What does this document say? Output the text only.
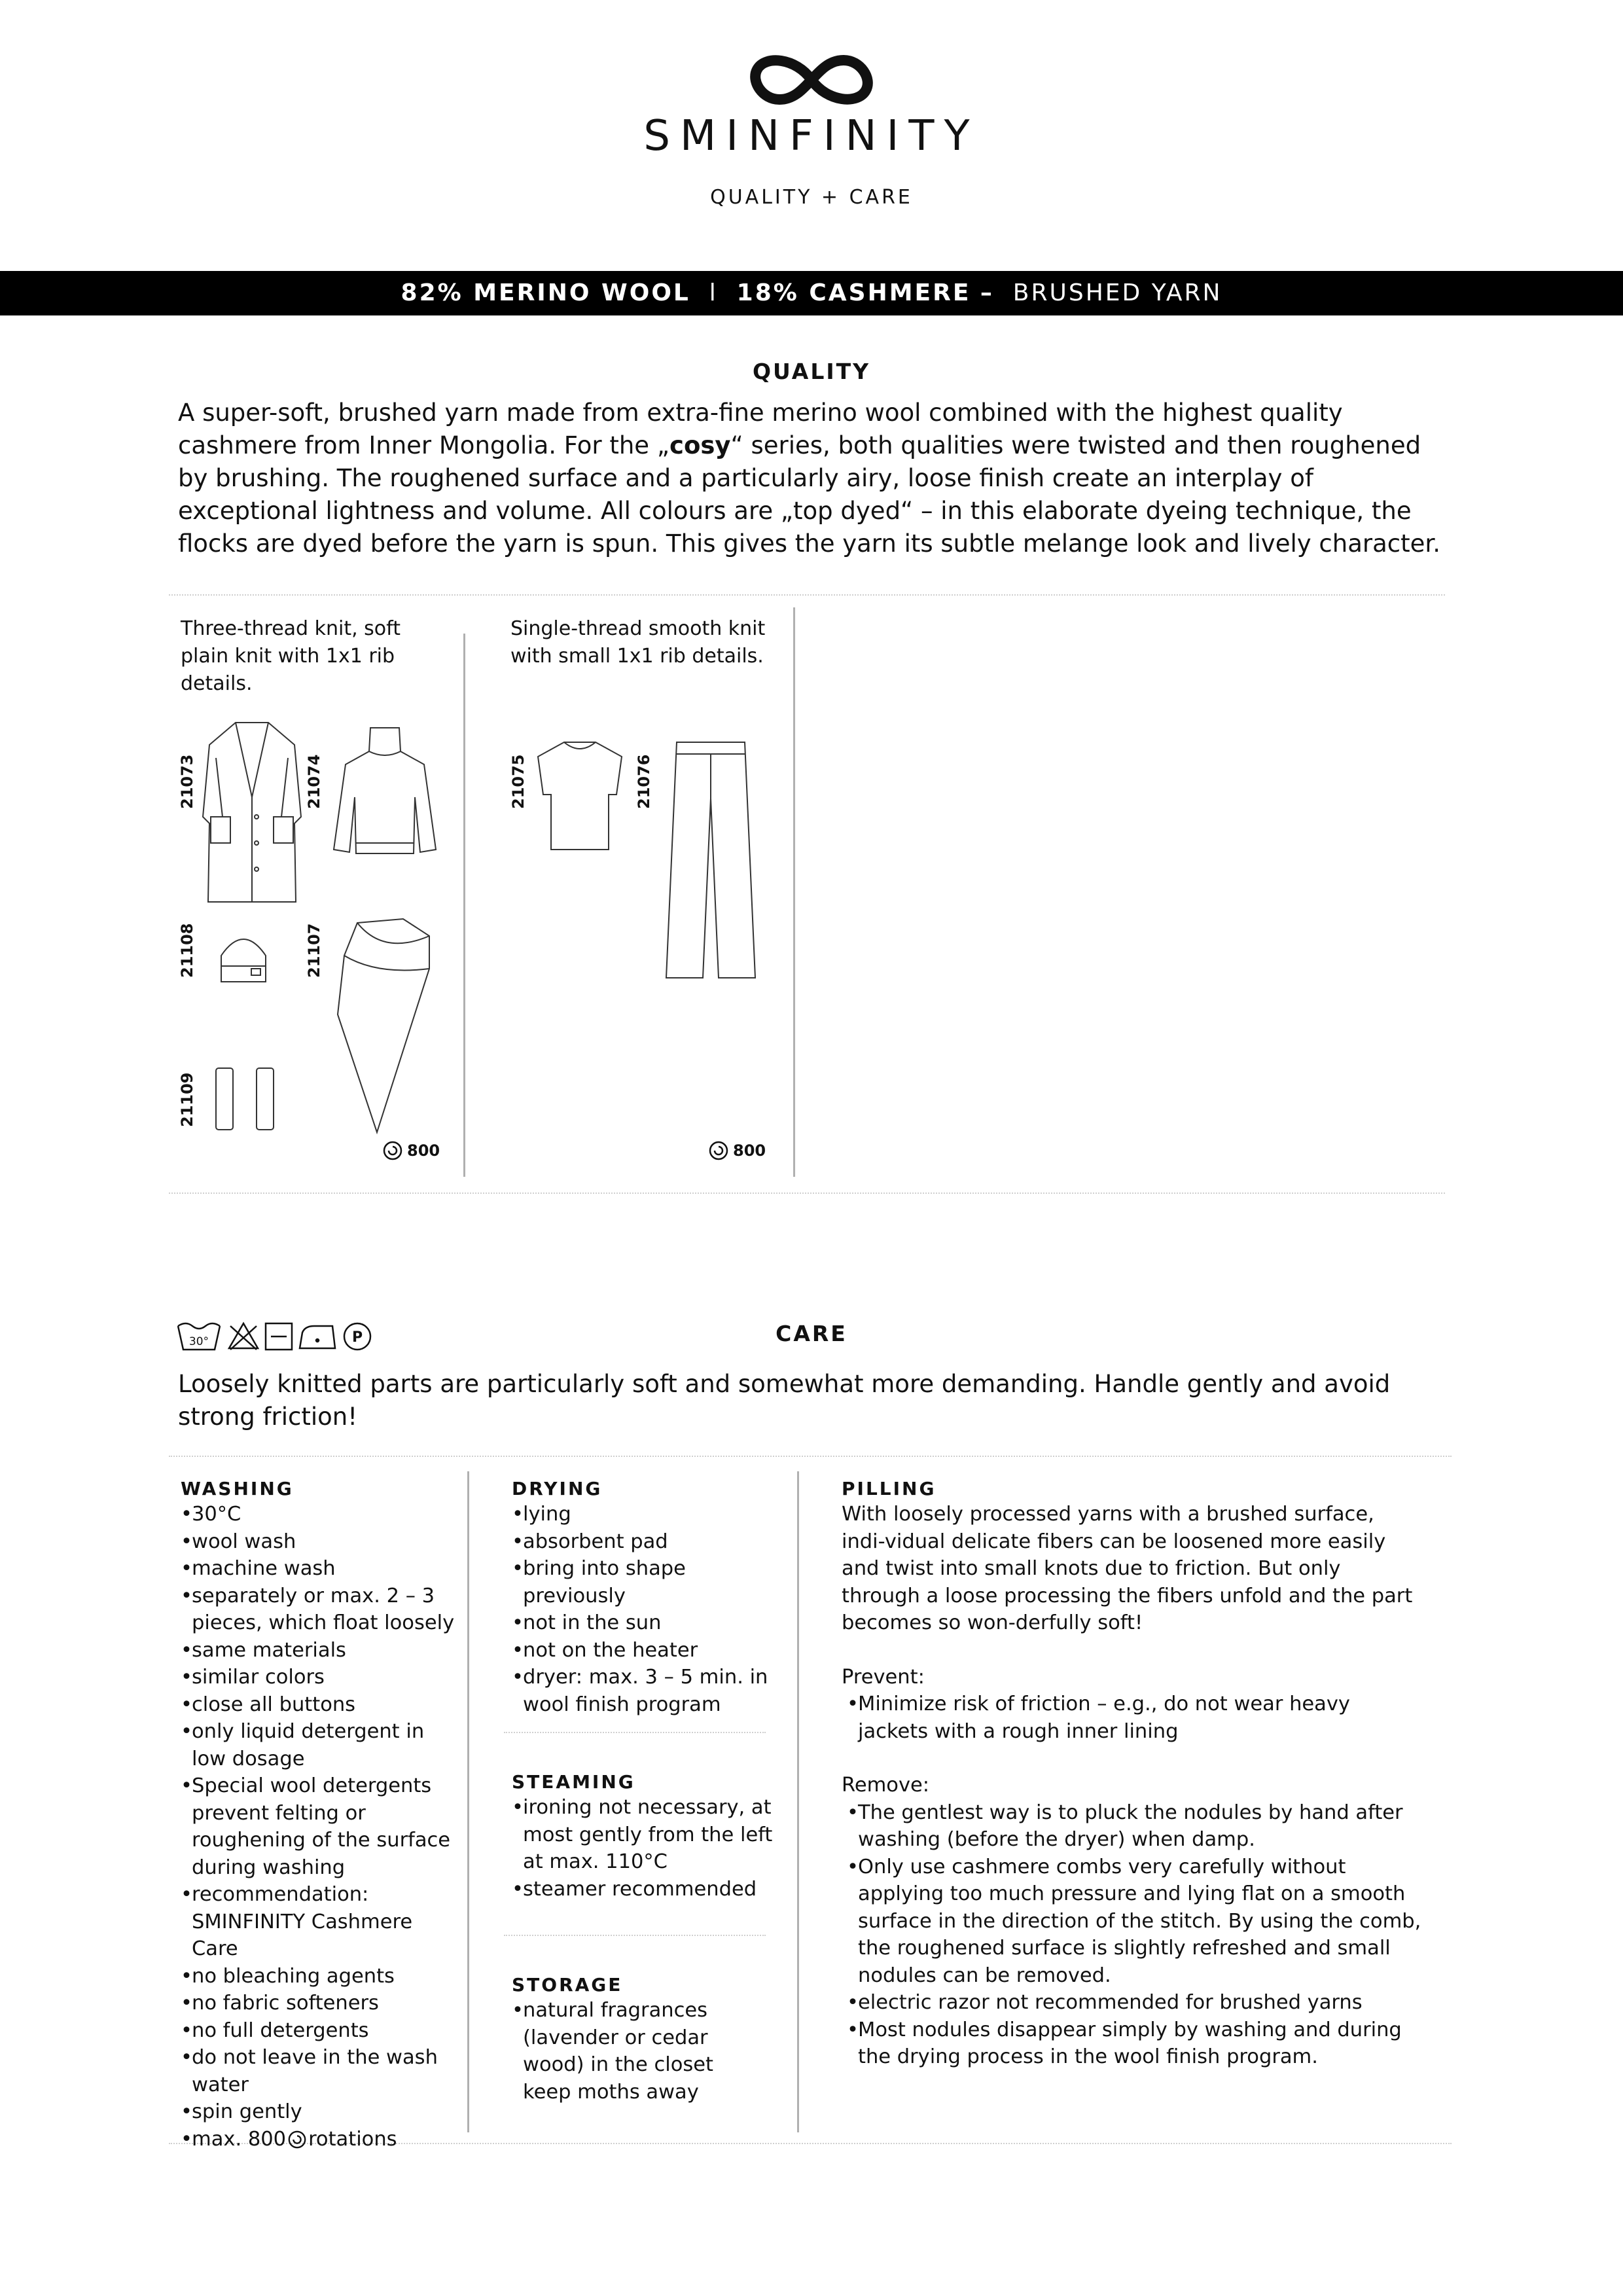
SMINFINITY
QUALITY + CARE
82% MERINO WOOL l 18% CASHMERE – BRUSHED YARN
QUALITY
A super-soft, brushed yarn made from extra-fine merino wool combined with the highest quality cashmere from Inner Mongolia. For the „cosy“ series, both qualities were twisted and then roughened by brushing. The roughened surface and a particularly airy, loose finish create an interplay of exceptional lightness and volume. All colours are „top dyed“ – in this elaborate dyeing technique, the flocks are dyed before the yarn is spun. This gives the yarn its subtle melange look and lively character.
Three-thread knit, soft plain knit with 1x1 rib details.
21073	21074
21108	21107
21109
800
Single-thread smooth knit with small 1x1 rib details.
21075	21076
800
30°	P	CARE
Loosely knitted parts are particularly soft and somewhat more demanding. Handle gently and avoid strong friction!
WASHING
• 30°C
• wool wash
• machine wash
• separately or max. 2 – 3 pieces, which float loosely
• same materials
• similar colors
• close all buttons
• only liquid detergent in low dosage
• Special wool detergents prevent felting or roughening of the surface during washing
• recommendation: SMINFINITY Cashmere Care
• no bleaching agents
• no fabric softeners
• no full detergents
• do not leave in the wash water
• spin gently
• max. 800 rotations
DRYING
• lying
• absorbent pad
• bring into shape previously
• not in the sun
• not on the heater
• dryer: max. 3 – 5 min. in wool finish program
STEAMING
• ironing not necessary, at most gently from the left at max. 110°C
• steamer recommended
STORAGE
• natural fragrances (lavender or cedar wood) in the closet keep moths away
PILLING

With loosely processed yarns with a brushed surface, indi-vidual delicate fibers can be loosened more easily and twist into small knots due to friction. But only through a loose processing the fibers unfold and the part becomes so won-derfully soft!

Prevent:

• Minimize risk of friction – e.g., do not wear heavy jackets with a rough inner lining

Remove:

• The gentlest way is to pluck the nodules by hand after washing (before the dryer) when damp.
• Only use cashmere combs very carefully without applying too much pressure and lying flat on a smooth surface in the direction of the stitch. By using the comb, the roughened surface is slightly refreshed and small nodules can be removed.
• electric razor not recommended for brushed yarns
• Most nodules disappear simply by washing and during the drying process in the wool finish program.
